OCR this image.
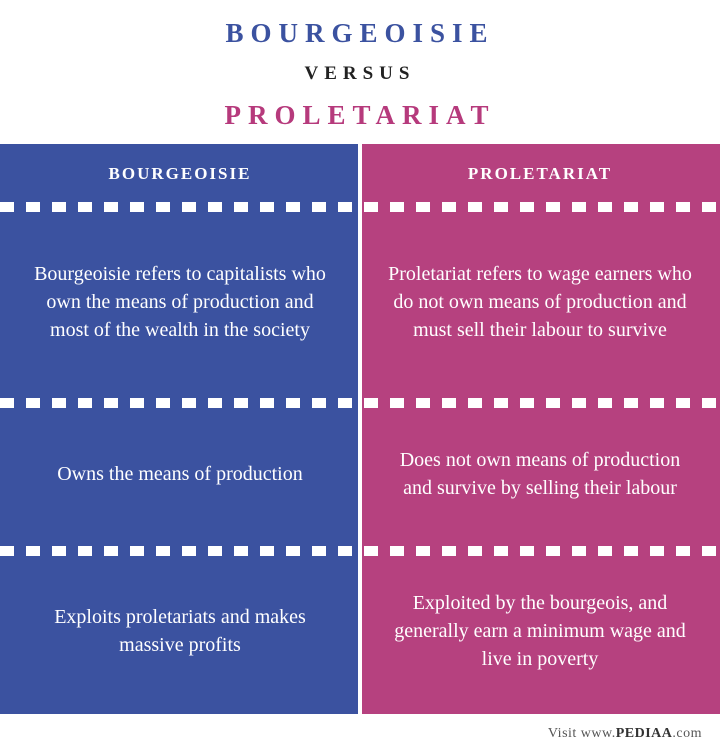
BOURGEOISIE
VERSUS
PROLETARIAT
BOURGEOISIE
Bourgeoisie refers to capitalists who own the means of production and most of the wealth in the society
Owns the means of production
Exploits proletariats and makes massive profits
PROLETARIAT
Proletariat refers to wage earners who do not own means of production and must sell their labour to survive
Does not own means of production and survive by selling their labour
Exploited by the bourgeois, and generally earn a minimum wage and live in poverty
Visit www.PEDIAA.com
